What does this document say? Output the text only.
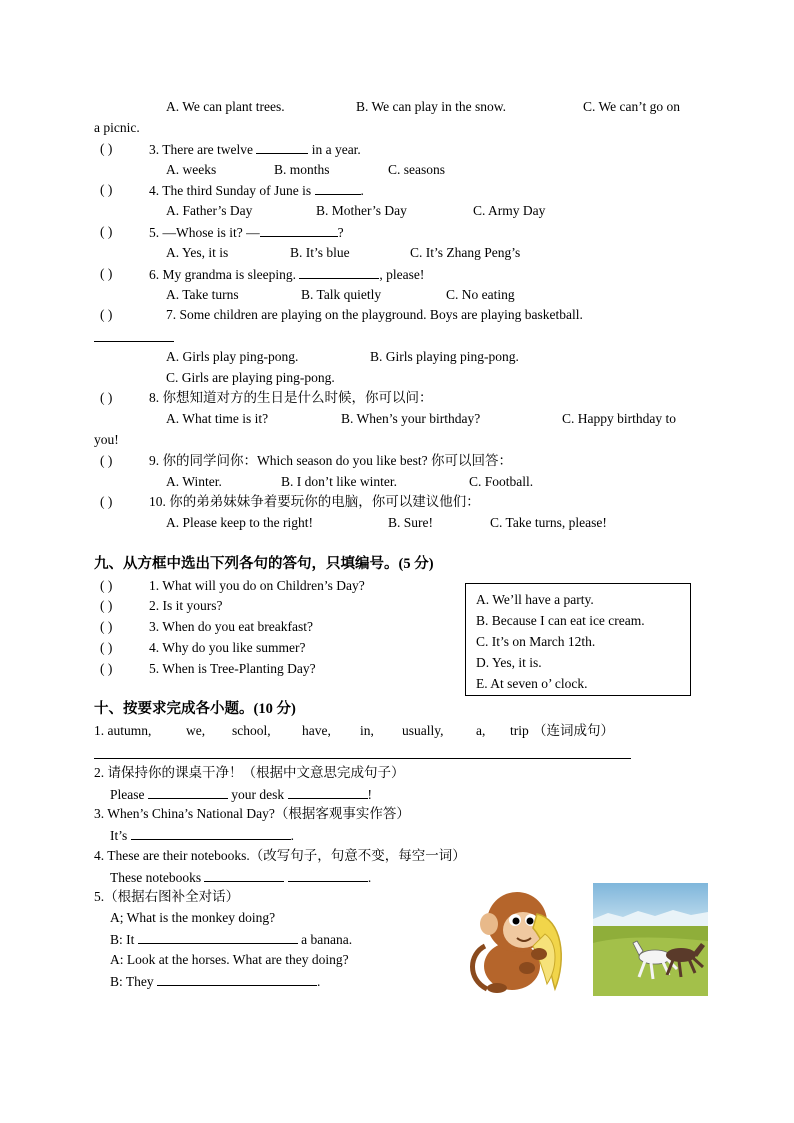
A. We can plant trees.	B. We can play in the snow.	C. We can’t go on
a picnic.
( )	3. There are twelve	in a year.
A. weeks	B. months	C. seasons
( )	4. The third Sunday of June is	.
A. Father’s Day	B. Mother’s Day	C. Army Day
( )	5. —Whose is it? —	?
A. Yes, it is	B. It’s blue	C. It’s Zhang Peng’s
( )	6. My grandma is sleeping.	, please!
A. Take turns	B. Talk quietly	C. No eating
( )	7. Some children are playing on the playground. Boys are playing basketball.
A. Girls play ping-pong.	B. Girls playing ping-pong.
C. Girls are playing ping-pong.
( )	8. 你想知道对方的生日是什么时候，你可以问：
A. What time is it?	B. When’s your birthday?	C. Happy birthday to
you!
( )	9. 你的同学问你：Which season do you like best? 你可以回答：
A. Winter.	B. I don’t like winter.	C. Football.
( )	10. 你的弟弟妹妹争着要玩你的电脑，你可以建议他们：
A. Please keep to the right!	B. Sure!	C. Take turns, please!
九、从方框中选出下列各句的答句，只填编号。(5 分)
( )	1. What will you do on Children’s Day?
( )	2. Is it yours?
( )	3. When do you eat breakfast?
( )	4. Why do you like summer?
( )	5. When is Tree-Planting Day?
A. We’ll have a party.
B. Because I can eat ice cream.
C. It’s on March 12th.
D. Yes, it is.
E. At seven o’ clock.
十、按要求完成各小题。(10 分)
1. autumn,	we, school, have, in, usually, a, trip （连词成句）
2. 请保持你的课桌干净！（根据中文意思完成句子）
Please	your desk	!
3. When’s China’s National Day?（根据客观事实作答）
It’s	.
4. These are their notebooks.（改写句子，句意不变，每空一词）
These notebooks	.
5.（根据右图补全对话）
A; What is the monkey doing?
B: It	a banana.
A: Look at the horses. What are they doing?
B: They	.
